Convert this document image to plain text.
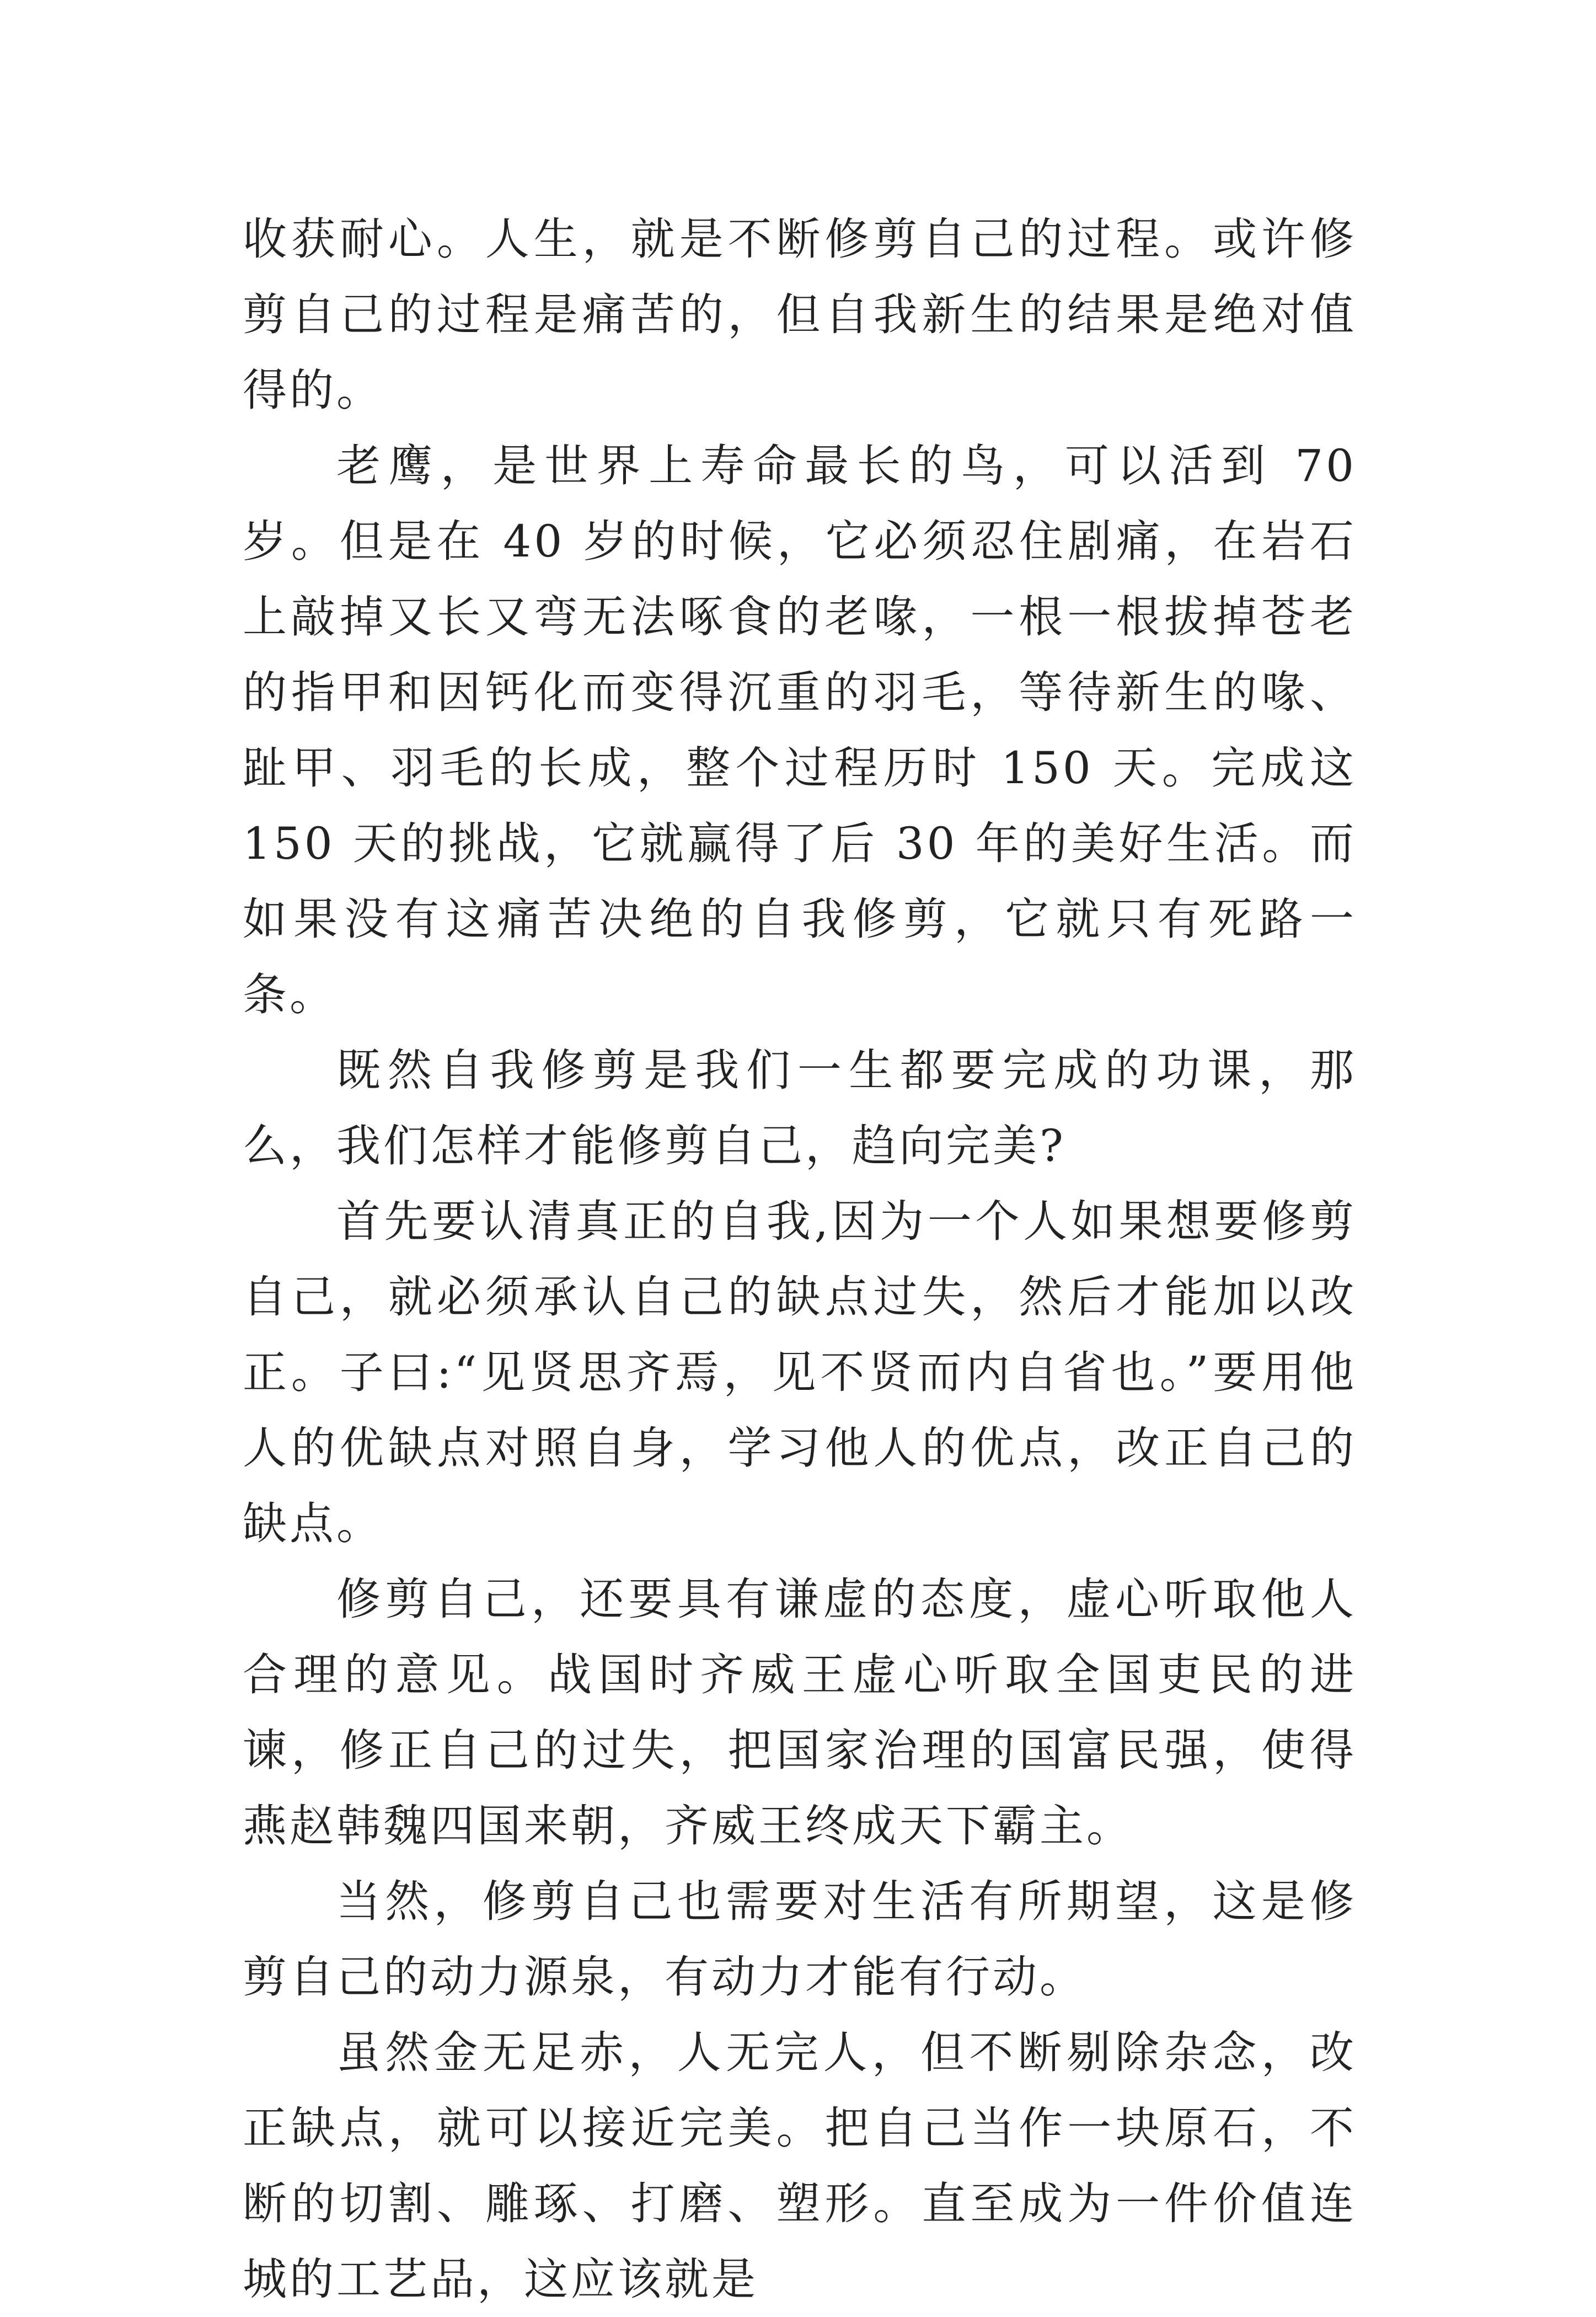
收获耐心。人生，就是不断修剪自己的过程。或许修剪自己的过程是痛苦的，但自我新生的结果是绝对值得的。

老鹰，是世界上寿命最长的鸟，可以活到 70 岁。但是在 40 岁的时候，它必须忍住剧痛，在岩石上敲掉又长又弯无法啄食的老喙，一根一根拔掉苍老的指甲和因钙化而变得沉重的羽毛，等待新生的喙、趾甲、羽毛的长成，整个过程历时 150 天。完成这 150 天的挑战，它就赢得了后 30 年的美好生活。而如果没有这痛苦决绝的自我修剪，它就只有死路一条。

既然自我修剪是我们一生都要完成的功课，那么，我们怎样才能修剪自己，趋向完美?

首先要认清真正的自我,因为一个人如果想要修剪自己，就必须承认自己的缺点过失，然后才能加以改正。子曰:“见贤思齐焉，见不贤而内自省也。”要用他人的优缺点对照自身，学习他人的优点，改正自己的缺点。

修剪自己，还要具有谦虚的态度，虚心听取他人合理的意见。战国时齐威王虚心听取全国吏民的进谏，修正自己的过失，把国家治理的国富民强，使得燕赵韩魏四国来朝，齐威王终成天下霸主。

当然，修剪自己也需要对生活有所期望，这是修剪自己的动力源泉，有动力才能有行动。

虽然金无足赤，人无完人，但不断剔除杂念，改正缺点，就可以接近完美。把自己当作一块原石，不断的切割、雕琢、打磨、塑形。直至成为一件价值连城的工艺品，这应该就是
